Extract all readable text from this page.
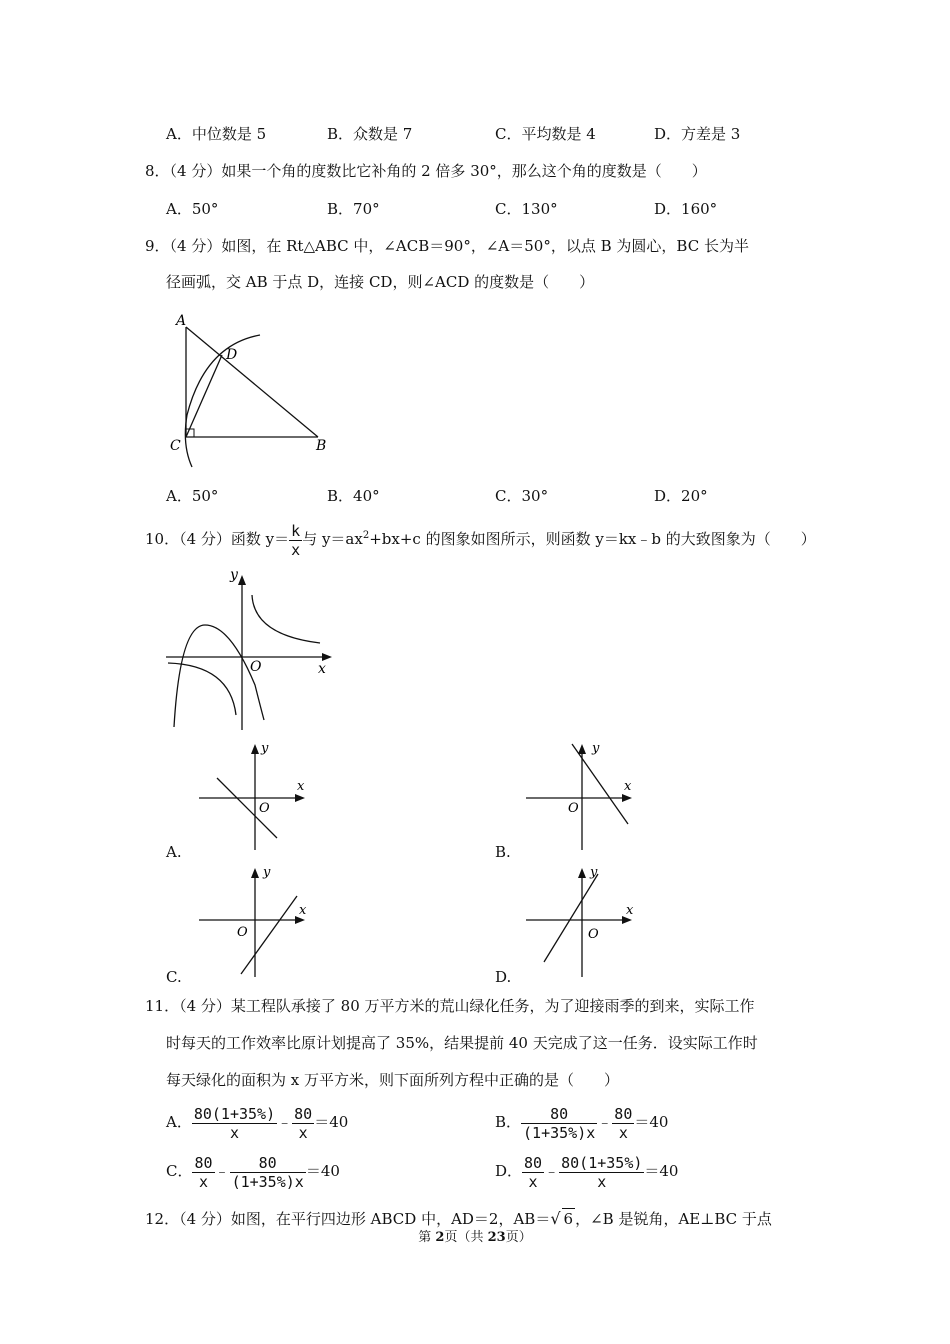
A．中位数是 5	B．众数是 7	C．平均数是 4	D．方差是 3
8．（4 分）如果一个角的度数比它补角的 2 倍多 30°，那么这个角的度数是（　　）
A．50°	B．70°	C．130°	D．160°
9．（4 分）如图，在 Rt△ABC 中，∠ACB＝90°，∠A＝50°，以点 B 为圆心，BC 长为半
径画弧，交 AB 于点 D，连接 CD，则∠ACD 的度数是（　　）
A
D
C	B
A．50°	B．40°	C．30°	D．20°
10．（4 分）函数 $y= \frac{k}{x}$ 与 $y=ax^2+bx+c$ 的图象如图所示，则函数 y＝kx﹣b 的大致图象为（　　）
y
x
O
y
x
O
A.
y
x
O
B.
y
x
O
C.
y
x
O
D.
11．（4 分）某工程队承接了 80 万平方米的荒山绿化任务，为了迎接雨季的到来，实际工作
时每天的工作效率比原计划提高了 35%，结果提前 40 天完成了这一任务．设实际工作时
每天绿化的面积为 x 万平方米，则下面所列方程中正确的是（　　）
A． $\frac{80(1+35\%)}{x}$ ﹣ $\frac{80}{x} =40$	B． $\frac{80}{(1+35\%)x}$ ﹣ $\frac{80}{x} =40$
C． $\frac{80}{x}$ ﹣ $\frac{80}{(1+35\%)x} =40$	D． $\frac{80}{x}$ ﹣ $\frac{80(1+35\%)}{x} =40$
12．（4 分）如图，在平行四边形 ABCD 中，AD＝2，AB＝√ 6 ，∠B 是锐角，AE⊥BC 于点
第 2页（共 23页）
